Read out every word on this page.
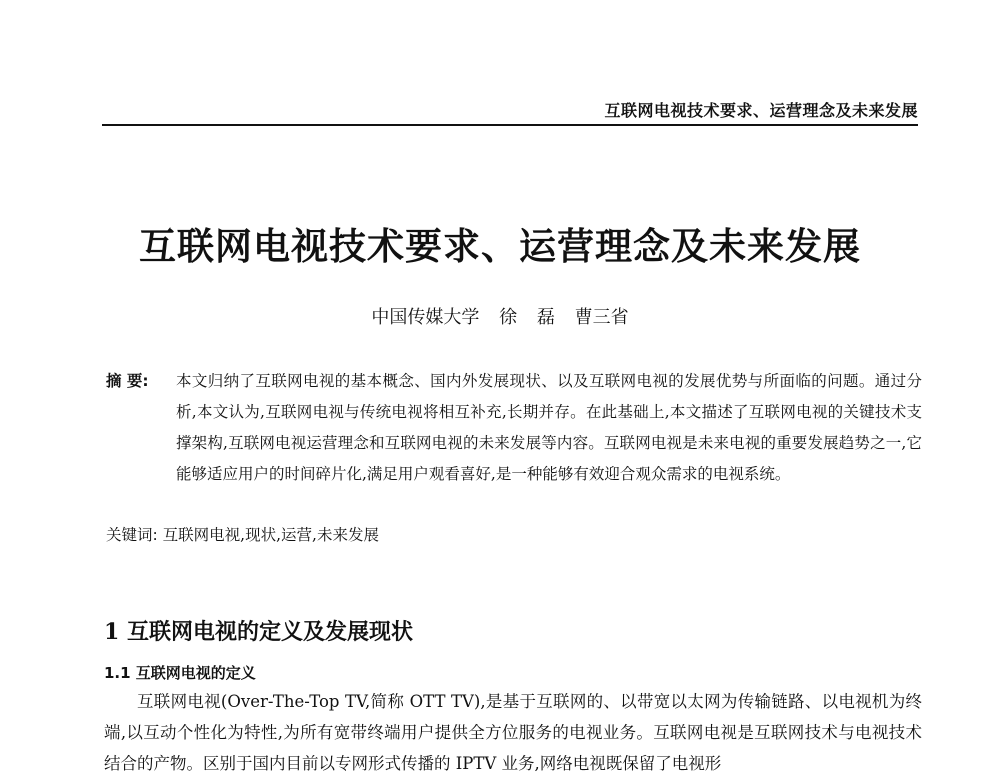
互联网电视技术要求、运营理念及未来发展
互联网电视技术要求、运营理念及未来发展
中国传媒大学 徐 磊 曹三省
摘 要:	本文归纳了互联网电视的基本概念、国内外发展现状、以及互联网电视的发展优势与所面临的问题。通过分析,本文认为,互联网电视与传统电视将相互补充,长期并存。在此基础上,本文描述了互联网电视的关键技术支撑架构,互联网电视运营理念和互联网电视的未来发展等内容。互联网电视是未来电视的重要发展趋势之一,它能够适应用户的时间碎片化,满足用户观看喜好,是一种能够有效迎合观众需求的电视系统。
关键词: 互联网电视,现状,运营,未来发展
1 互联网电视的定义及发展现状
1.1 互联网电视的定义
互联网电视(Over-The-Top TV,简称 OTT TV),是基于互联网的、以带宽以太网为传输链路、以电视机为终端,以互动个性化为特性,为所有宽带终端用户提供全方位服务的电视业务。互联网电视是互联网技术与电视技术结合的产物。区别于国内目前以专网形式传播的 IPTV 业务,网络电视既保留了电视形
